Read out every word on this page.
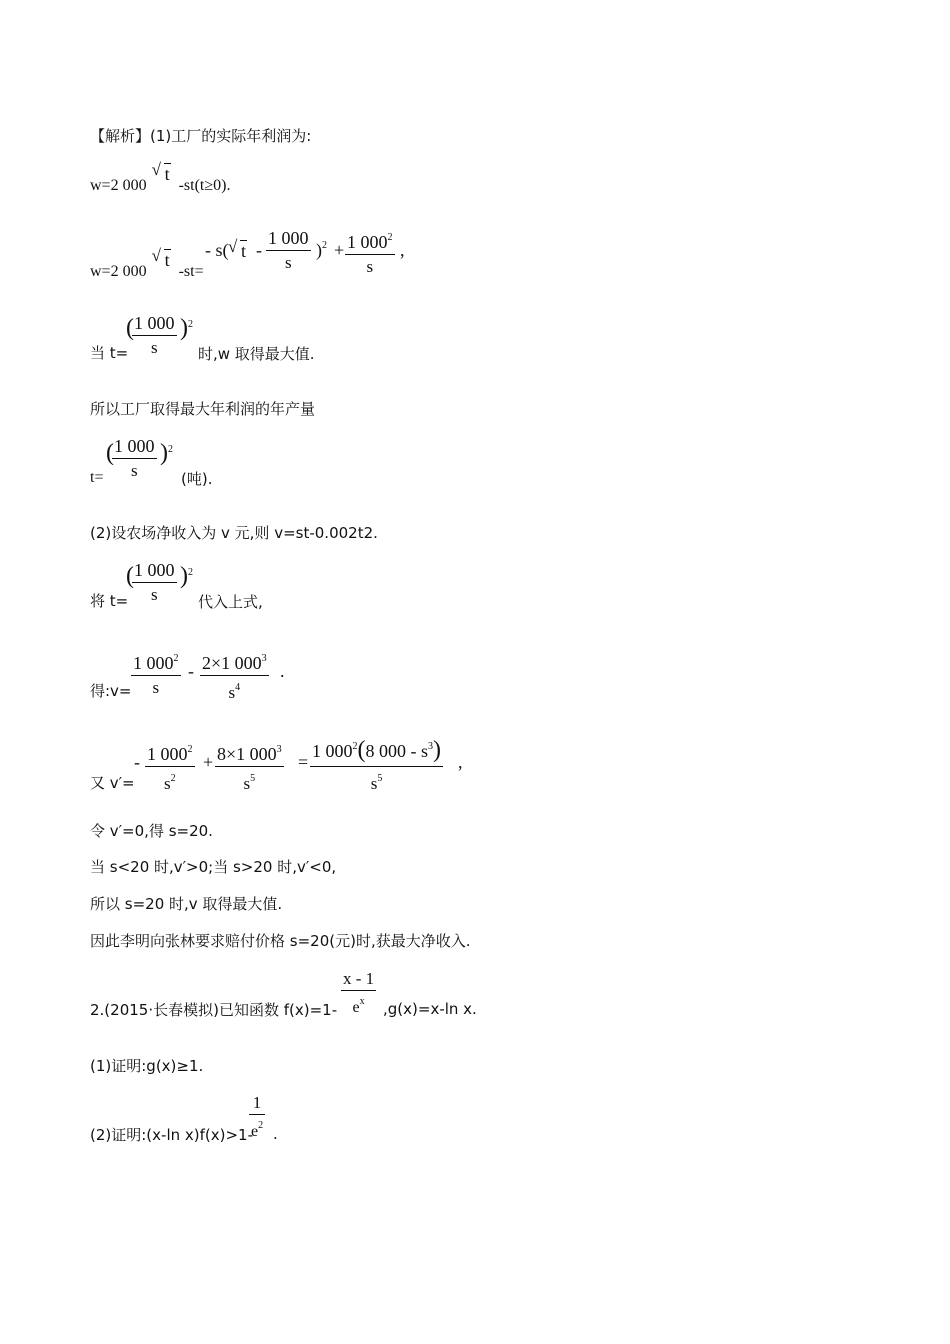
【解析】(1)工厂的实际年利润为:
w=2 000 √ t -st(t≥0).
w=2 000 √ t -st=
- s(
√ $t - \frac{1 000}{s} )^2 + \frac{1 000^2}{s}$ ,
当 t=
(
$\frac{1 000}{s} )^2$
时,w 取得最大值.
所以工厂取得最大年利润的年产量
t=
(
$\frac{1 000}{s} )^2$
(吨).
(2)设农场净收入为 v 元,则 v=st-0.002t2.
将 t=
(
$\frac{1 000}{s} )^2$
代入上式,
得:v= $\frac{1 000^2}{s} - \frac{2\times 1 000^3}{s^4}$ .
又 v′=
- $\frac{1 000^2}{s^2} + \frac{8\times 1 000^3}{s^5} = \frac{1 000^2(8 000 - s^3)}{s^5}$ ,
令 v′=0,得 s=20.
当 s<20 时,v′>0;当 s>20 时,v′<0,
所以 s=20 时,v 取得最大值.
因此李明向张林要求赔付价格 s=20(元)时,获最大净收入.
2.(2015·长春模拟)已知函数 $f(x)=1- \frac{x - 1}{e^x} ,g(x)=x-\ln$ x.
(1)证明:g(x)≥1.
(2)证明:(x-ln x)f(x)>1-
$\frac{1}{e^2}$ .
